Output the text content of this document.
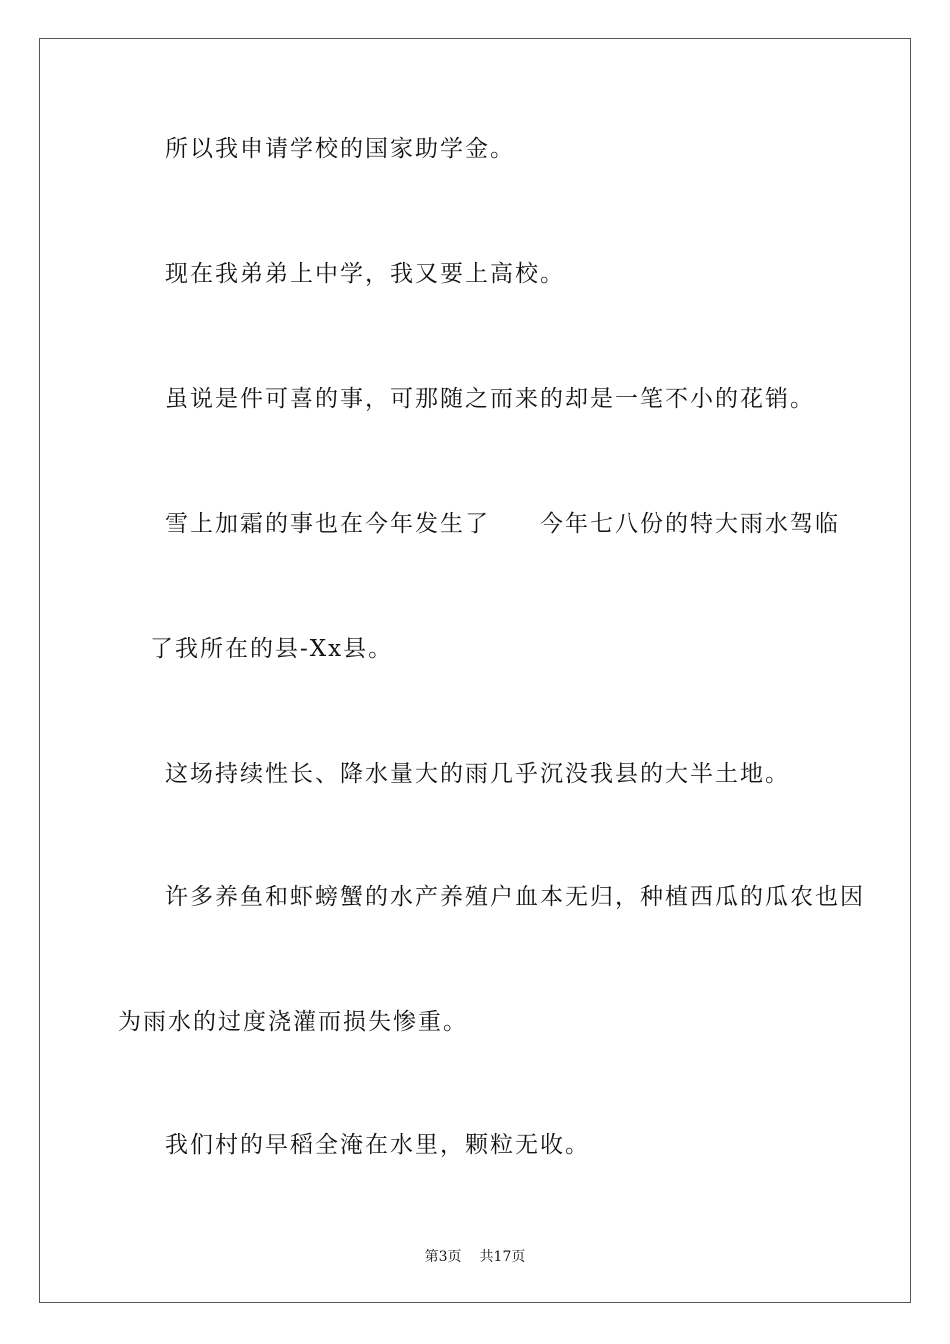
所以我申请学校的国家助学金。
现在我弟弟上中学，我又要上高校。
虽说是件可喜的事，可那随之而来的却是一笔不小的花销。
雪上加霜的事也在今年发生了 今年七八份的特大雨水驾临
了我所在的县-Xx县。
这场持续性长、降水量大的雨几乎沉没我县的大半土地。
许多养鱼和虾螃蟹的水产养殖户血本无归，种植西瓜的瓜农也因
为雨水的过度浇灌而损失惨重。
我们村的早稻全淹在水里，颗粒无收。
第3页 共17页
